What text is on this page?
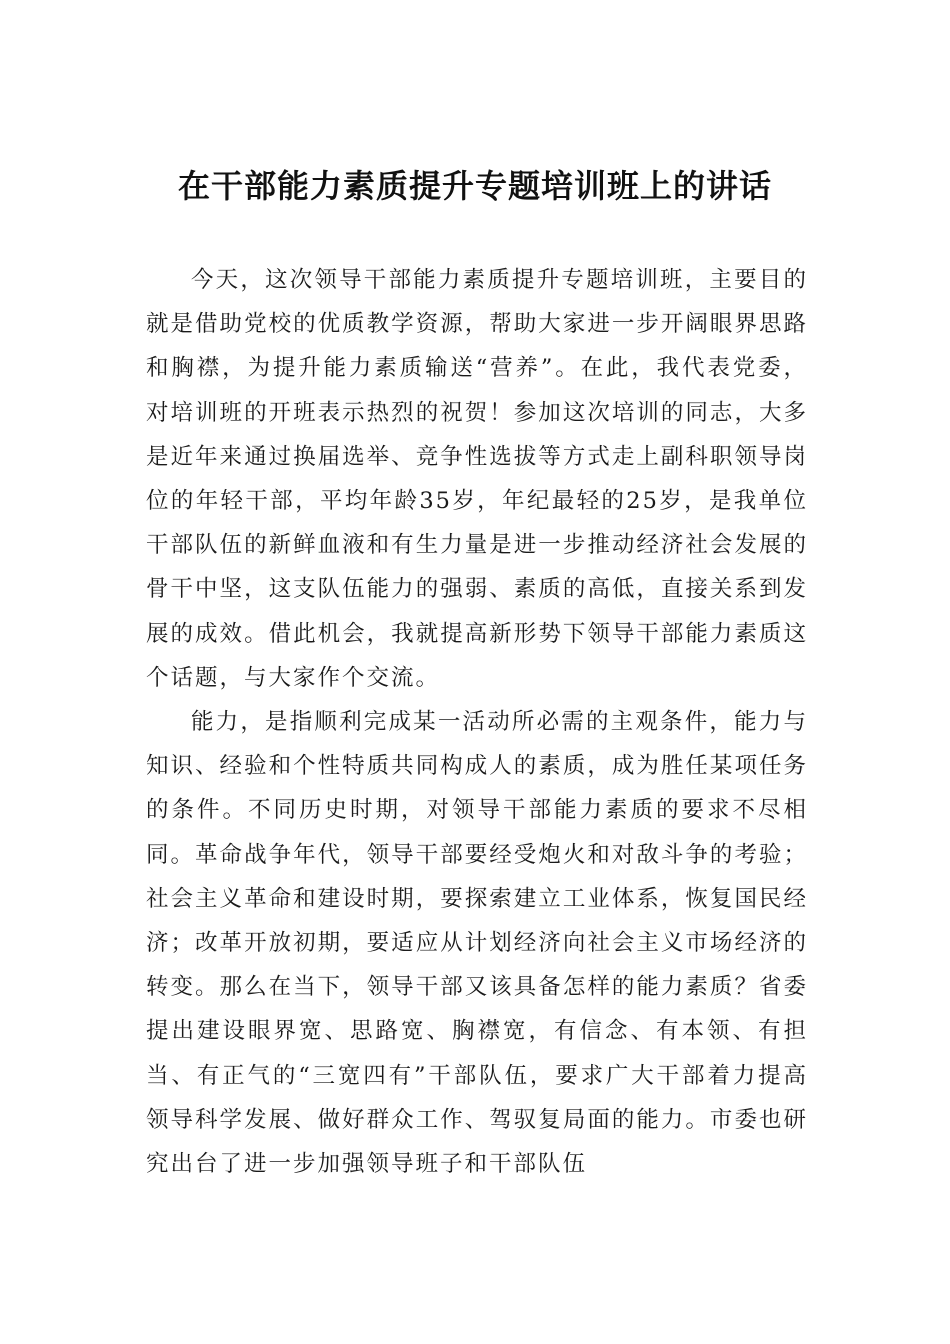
在干部能力素质提升专题培训班上的讲话

今天，这次领导干部能力素质提升专题培训班，主要目的就是借助党校的优质教学资源，帮助大家进一步开阔眼界思路和胸襟，为提升能力素质输送“营养”。在此，我代表党委，对培训班的开班表示热烈的祝贺！参加这次培训的同志，大多是近年来通过换届选举、竞争性选拔等方式走上副科职领导岗位的年轻干部，平均年龄35岁，年纪最轻的25岁，是我单位干部队伍的新鲜血液和有生力量是进一步推动经济社会发展的骨干中坚，这支队伍能力的强弱、素质的高低，直接关系到发展的成效。借此机会，我就提高新形势下领导干部能力素质这个话题，与大家作个交流。

能力，是指顺利完成某一活动所必需的主观条件，能力与知识、经验和个性特质共同构成人的素质，成为胜任某项任务的条件。不同历史时期，对领导干部能力素质的要求不尽相同。革命战争年代，领导干部要经受炮火和对敌斗争的考验；社会主义革命和建设时期，要探索建立工业体系，恢复国民经济；改革开放初期，要适应从计划经济向社会主义市场经济的转变。那么在当下，领导干部又该具备怎样的能力素质？省委提出建设眼界宽、思路宽、胸襟宽，有信念、有本领、有担当、有正气的“三宽四有”干部队伍，要求广大干部着力提高领导科学发展、做好群众工作、驾驭复局面的能力。市委也研究出台了进一步加强领导班子和干部队伍
